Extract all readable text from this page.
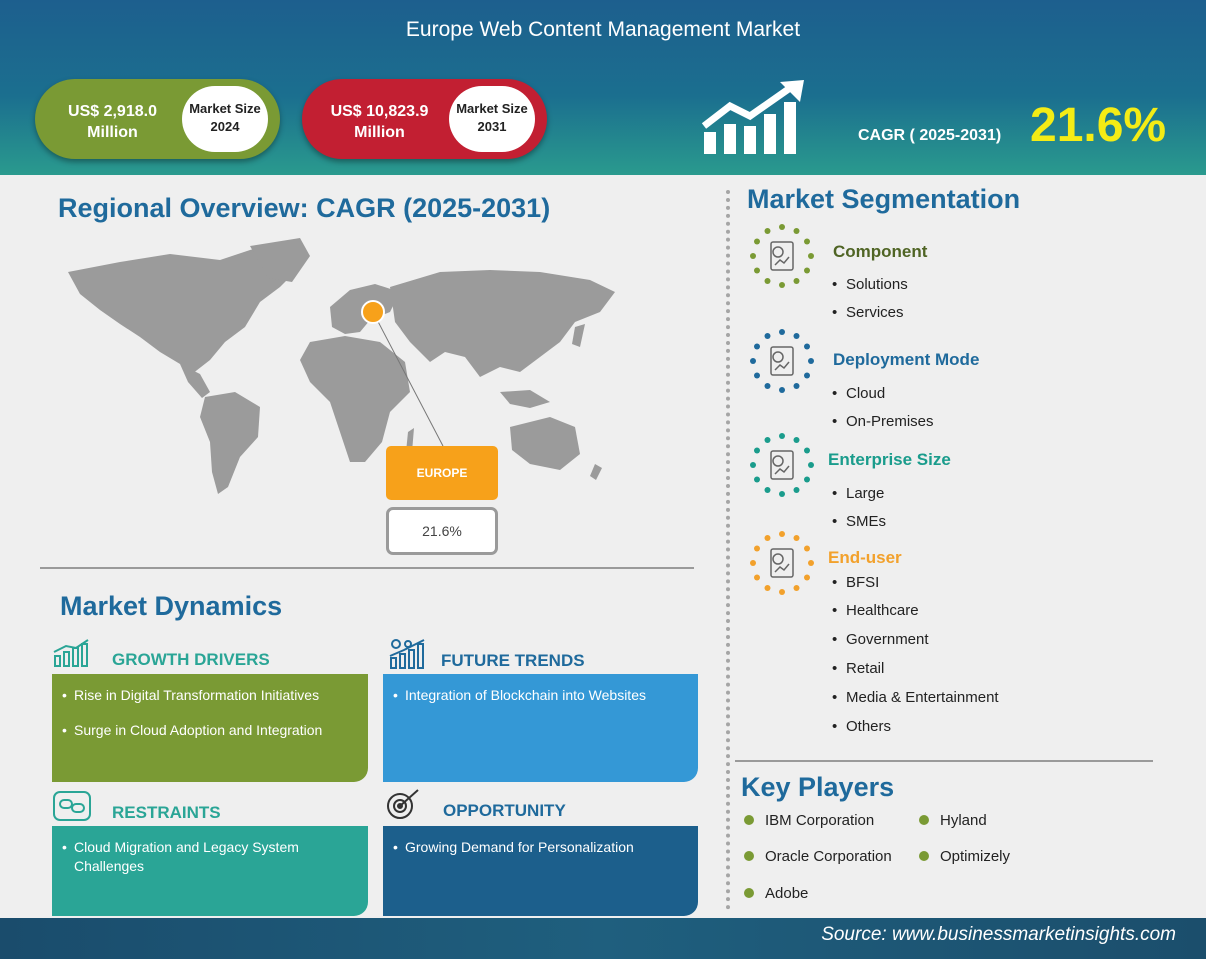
Europe Web Content Management Market
US$ 2,918.0 Million
Market Size 2024
US$ 10,823.9 Million
Market Size 2031
CAGR ( 2025-2031) 21.6%
Regional Overview: CAGR (2025-2031)
EUROPE
21.6%
Market Dynamics
GROWTH DRIVERS
• Rise in Digital Transformation Initiatives
• Surge in Cloud Adoption and Integration
FUTURE TRENDS
• Integration of Blockchain into Websites
RESTRAINTS
• Cloud Migration and Legacy System Challenges
OPPORTUNITY
• Growing Demand for Personalization
Market Segmentation
Component
• Solutions
• Services
Deployment Mode
• Cloud
• On-Premises
Enterprise Size
• Large
• SMEs
End-user
• BFSI
• Healthcare
• Government
• Retail
• Media & Entertainment
• Others
Key Players
IBM Corporation	Hyland
Oracle Corporation	Optimizely
Adobe
Source: www.businessmarketinsights.com
